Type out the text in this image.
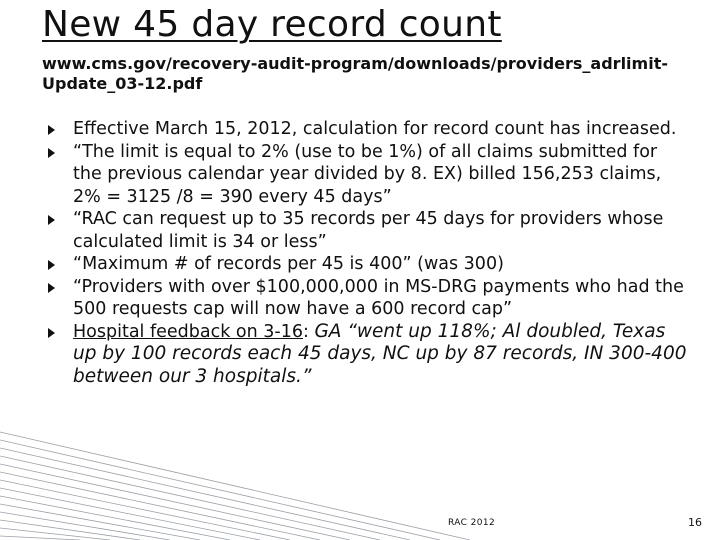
New 45 day record count
www.cms.gov/recovery-audit-program/downloads/providers_adrlimit-Update_03-12.pdf
Effective March 15, 2012, calculation for record count has increased.
“The limit is equal to 2% (use to be 1%) of all claims submitted for the previous calendar year divided by 8. EX) billed 156,253 claims, 2% = 3125 /8 = 390 every 45 days”
“RAC can request up to 35 records per 45 days for providers whose calculated limit is 34 or less”
“Maximum # of records per 45 is 400” (was 300)
“Providers with over $100,000,000 in MS-DRG payments who had the 500 requests cap will now have a 600 record cap”
Hospital feedback on 3-16: GA “went up 118%; Al doubled, Texas up by 100 records each 45 days, NC up by 87 records, IN 300-400 between our 3 hospitals.”
RAC 2012	16
